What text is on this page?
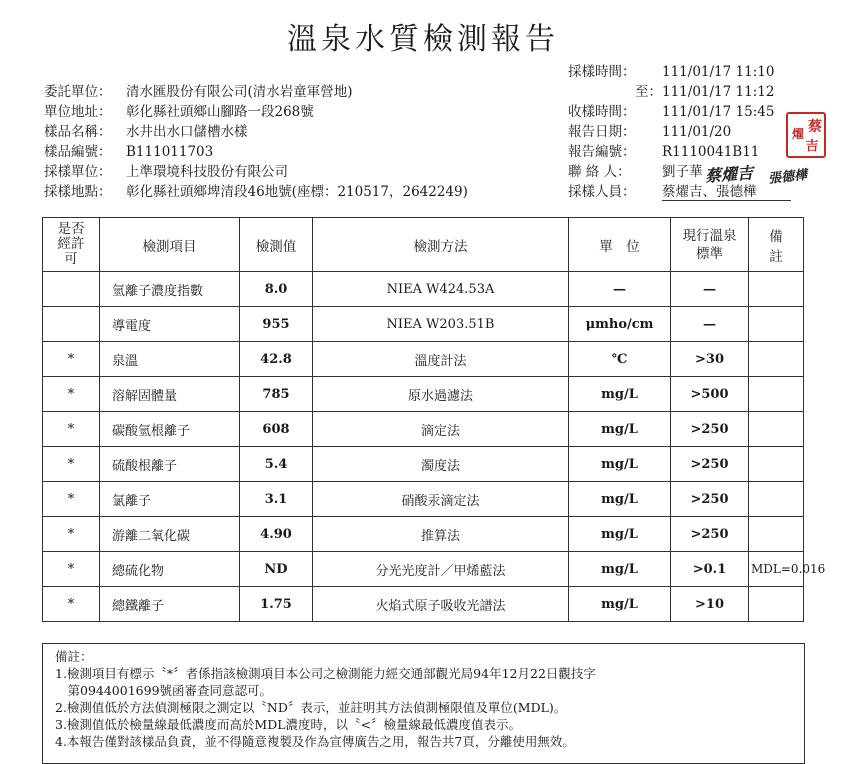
溫泉水質檢測報告
委託單位： 清水匯股份有限公司(清水岩童軍營地)
單位地址： 彰化縣社頭鄉山腳路一段268號
樣品名稱： 水井出水口儲槽水樣
樣品編號： B111011703
採樣單位： 上準環境科技股份有限公司
採樣地點： 彰化縣社頭鄉埤清段46地號(座標：210517，2642249)
採樣時間： 111/01/17 11:10
至：111/01/17 11:12
收樣時間： 111/01/17 15:45
報告日期： 111/01/20
報告編號： R1110041B11
聯 絡 人： 劉子華
採樣人員： 蔡燿吉、張德樺
蔡燿吉 張德樺
蔡
燿
吉
是否經許可	檢測項目	檢測值	檢測方法	單　位	現行溫泉標準	備　　註
	氫離子濃度指數	8.0	NIEA W424.53A	—	—	
	導電度	955	NIEA W203.51B	μmho/cm	—	
*	泉溫	42.8	溫度計法	℃	>30	
*	溶解固體量	785	原水過濾法	mg/L	>500	
*	碳酸氫根離子	608	滴定法	mg/L	>250	
*	硫酸根離子	5.4	濁度法	mg/L	>250	
*	氯離子	3.1	硝酸汞滴定法	mg/L	>250	
*	游離二氧化碳	4.90	推算法	mg/L	>250	
*	總硫化物	ND	分光光度計／甲烯藍法	mg/L	>0.1	MDL=0.016
*	總鐵離子	1.75	火焰式原子吸收光譜法	mg/L	>10	
備註：
1.檢測項目有標示〝*〞者係指該檢測項目本公司之檢測能力經交通部觀光局94年12月22日觀技字
　第0944001699號函審查同意認可。
2.檢測值低於方法偵測極限之測定以〝ND〞表示，並註明其方法偵測極限值及單位(MDL)。
3.檢測值低於檢量線最低濃度而高於MDL濃度時，以〝<〞檢量線最低濃度值表示。
4.本報告僅對該樣品負責，並不得隨意複製及作為宣傳廣告之用，報告共7頁，分離使用無效。
